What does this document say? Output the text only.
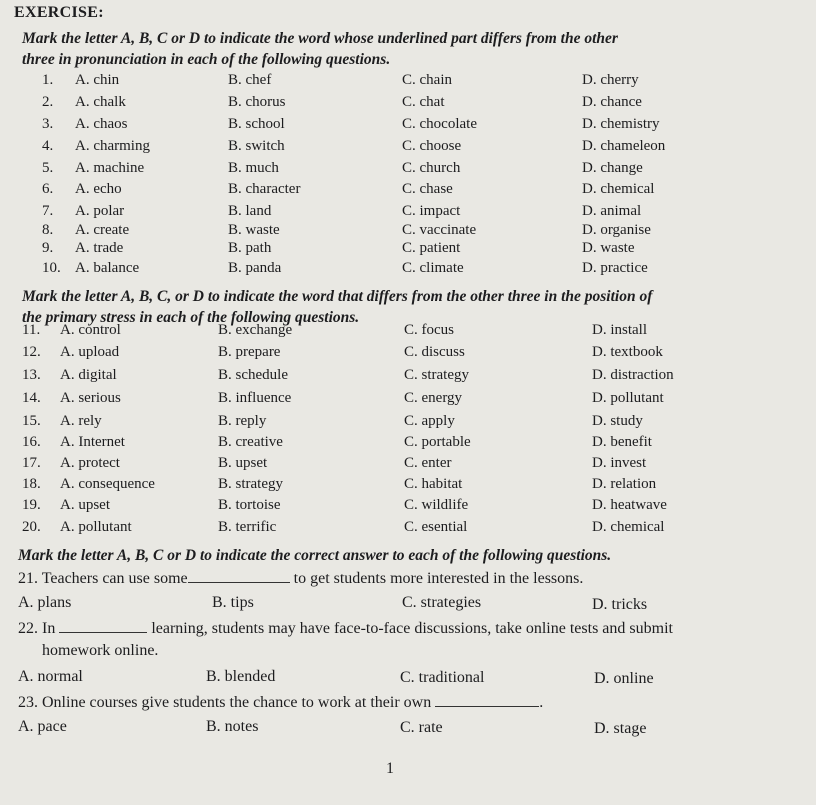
EXERCISE:
Mark the letter A, B, C or D to indicate the word whose underlined part differs from the other
three in pronunciation in each of the following questions.
1. A. chin	B. chef	C. chain	D. cherry
2. A. chalk	B. chorus	C. chat	D. chance
3. A. chaos	B. school	C. chocolate	D. chemistry
4. A. charming	B. switch	C. choose	D. chameleon
5. A. machine	B. much	C. church	D. change
6. A. echo	B. character	C. chase	D. chemical
7. A. polar	B. land	C. impact	D. animal
8. A. create	B. waste	C. vaccinate	D. organise
9. A. trade	B. path	C. patient	D. waste
10. A. balance	B. panda	C. climate	D. practice
Mark the letter A, B, C, or D to indicate the word that differs from the other three in the position of
the primary stress in each of the following questions.
11. A. control	B. exchange	C. focus	D. install
12. A. upload	B. prepare	C. discuss	D. textbook
13. A. digital	B. schedule	C. strategy	D. distraction
14. A. serious	B. influence	C. energy	D. pollutant
15. A. rely	B. reply	C. apply	D. study
16. A. Internet	B. creative	C. portable	D. benefit
17. A. protect	B. upset	C. enter	D. invest
18. A. consequence	B. strategy	C. habitat	D. relation
19. A. upset	B. tortoise	C. wildlife	D. heatwave
20. A. pollutant	B. terrific	C. esential	D. chemical
Mark the letter A, B, C or D to indicate the correct answer to each of the following questions.
21. Teachers can use some	to get students more interested in the lessons.
A. plans	B. tips	C. strategies	D. tricks
22. In	learning, students may have face-to-face discussions, take online tests and submit
homework online.
A. normal	B. blended	C. traditional	D. online
23. Online courses give students the chance to work at their own	.
A. pace	B. notes	C. rate	D. stage
1
